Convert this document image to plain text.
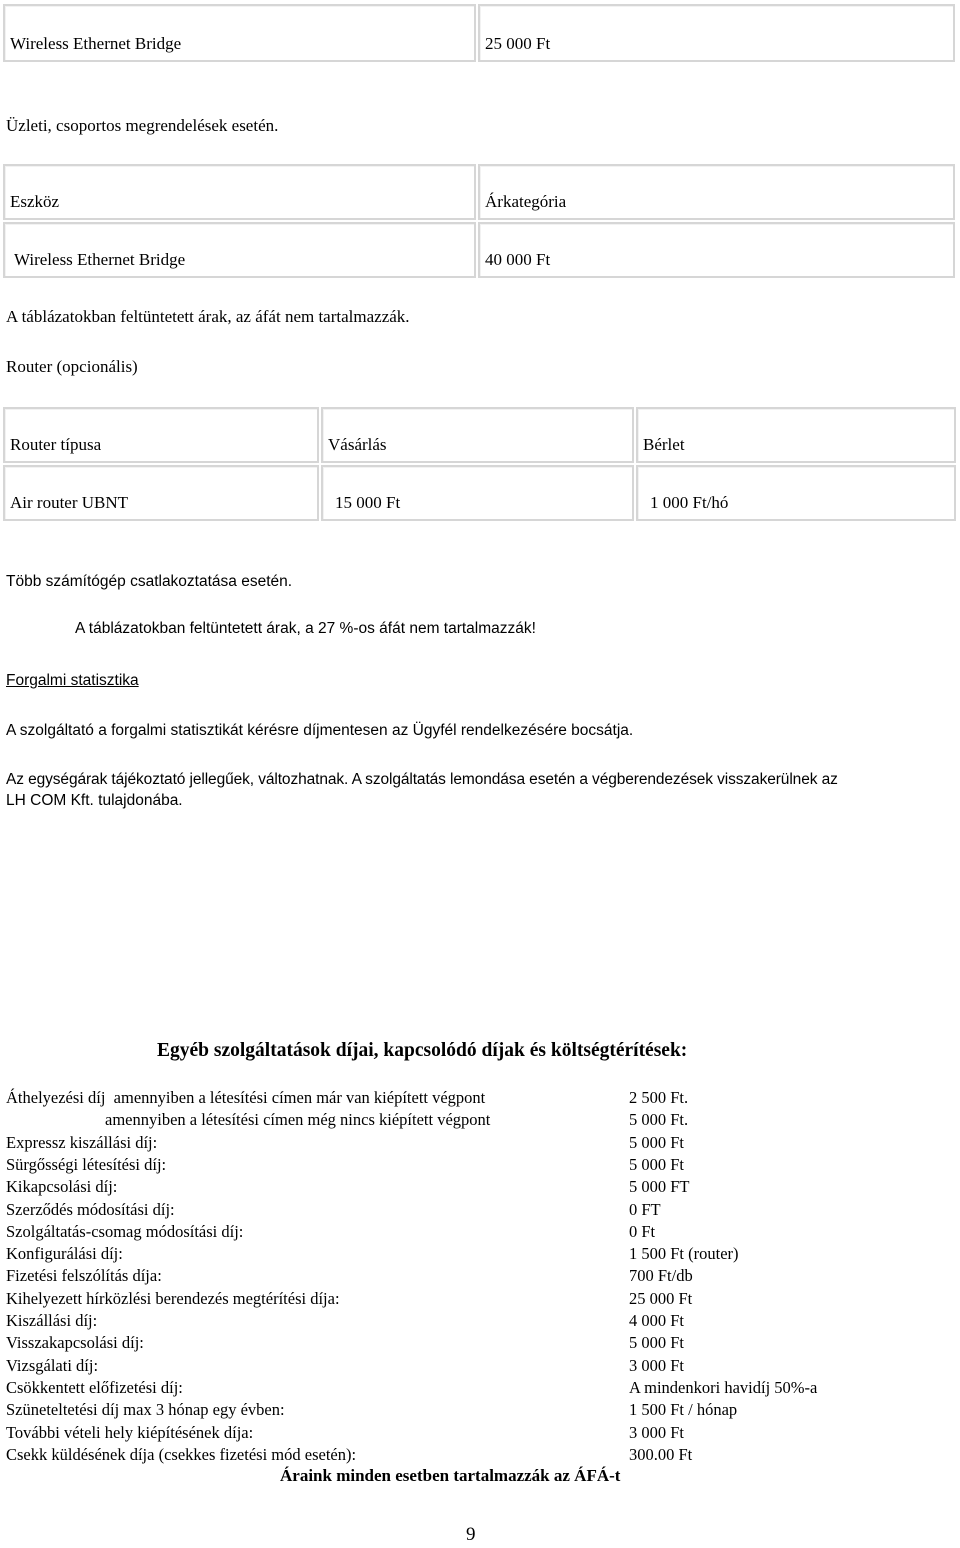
Wireless Ethernet Bridge	25 000 Ft
Üzleti, csoportos megrendelések esetén.
Eszköz	Árkategória
Wireless Ethernet Bridge	40 000 Ft
A táblázatokban feltüntetett árak, az áfát nem tartalmazzák.
Router (opcionális)
Router típusa	Vásárlás	Bérlet
Air router UBNT	15 000 Ft	1 000 Ft/hó
Több számítógép csatlakoztatása esetén.
A táblázatokban feltüntetett árak, a 27 %-os áfát nem tartalmazzák!
Forgalmi statisztika
A szolgáltató a forgalmi statisztikát kérésre díjmentesen az Ügyfél rendelkezésére bocsátja.
Az egységárak tájékoztató jellegűek, változhatnak. A szolgáltatás lemondása esetén a végberendezések visszakerülnek az
LH COM Kft. tulajdonába.
Egyéb szolgáltatások díjai, kapcsolódó díjak és költségtérítések:
Áthelyezési díj  amennyiben a létesítési címen már van kiépített végpont	2 500 Ft.
amennyiben a létesítési címen még nincs kiépített végpont	5 000 Ft.
Expressz kiszállási díj:	5 000 Ft
Sürgősségi létesítési díj:	5 000 Ft
Kikapcsolási díj:	5 000 FT
Szerződés módosítási díj:	0 FT
Szolgáltatás-csomag módosítási díj:	0 Ft
Konfigurálási díj:	1 500 Ft (router)
Fizetési felszólítás díja:	700 Ft/db
Kihelyezett hírközlési berendezés megtérítési díja:	25 000 Ft
Kiszállási díj:	4 000 Ft
Visszakapcsolási díj:	5 000 Ft
Vizsgálati díj:	3 000 Ft
Csökkentett előfizetési díj:	A mindenkori havidíj 50%-a
Szüneteltetési díj max 3 hónap egy évben:	1 500 Ft / hónap
További vételi hely kiépítésének díja:	3 000 Ft
Csekk küldésének díja (csekkes fizetési mód esetén):	300.00 Ft
Áraink minden esetben tartalmazzák az ÁFÁ-t
9
